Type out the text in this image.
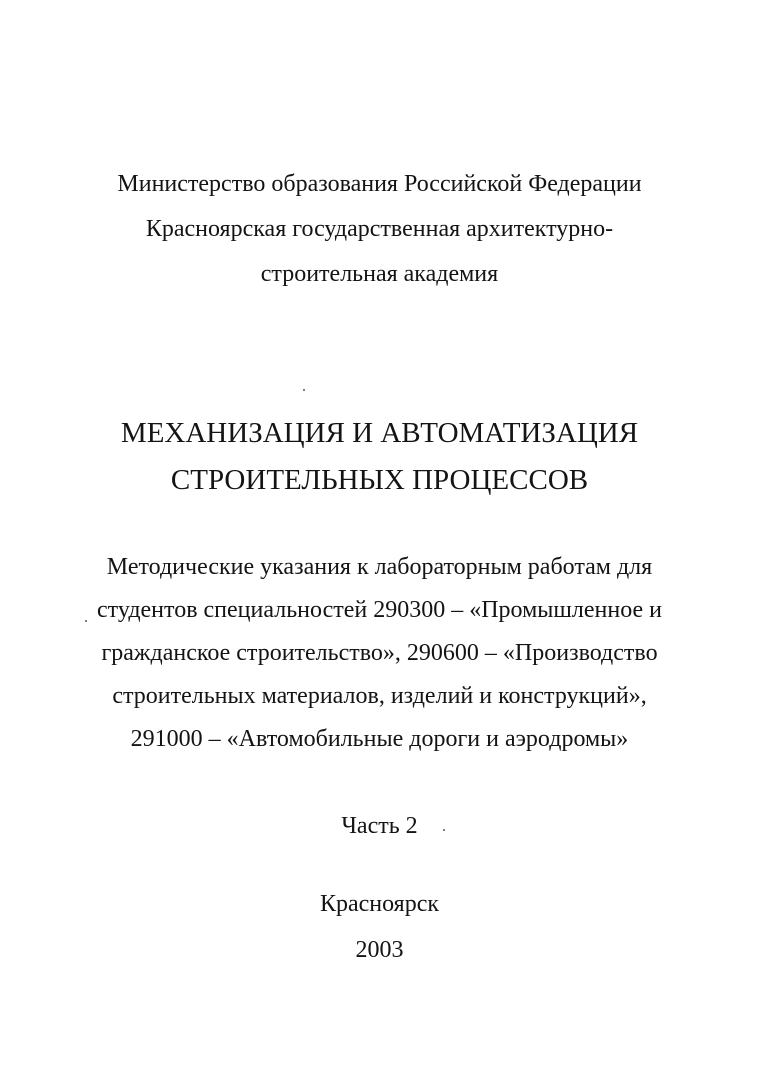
Министерство образования Российской Федерации
Красноярская государственная архитектурно-
строительная академия
МЕХАНИЗАЦИЯ И АВТОМАТИЗАЦИЯ
СТРОИТЕЛЬНЫХ ПРОЦЕССОВ
Методические указания к лабораторным работам для
студентов специальностей 290300 – «Промышленное и
гражданское строительство», 290600 – «Производство
строительных материалов, изделий и конструкций»,
291000 – «Автомобильные дороги и аэродромы»
Часть 2
Красноярск
2003
